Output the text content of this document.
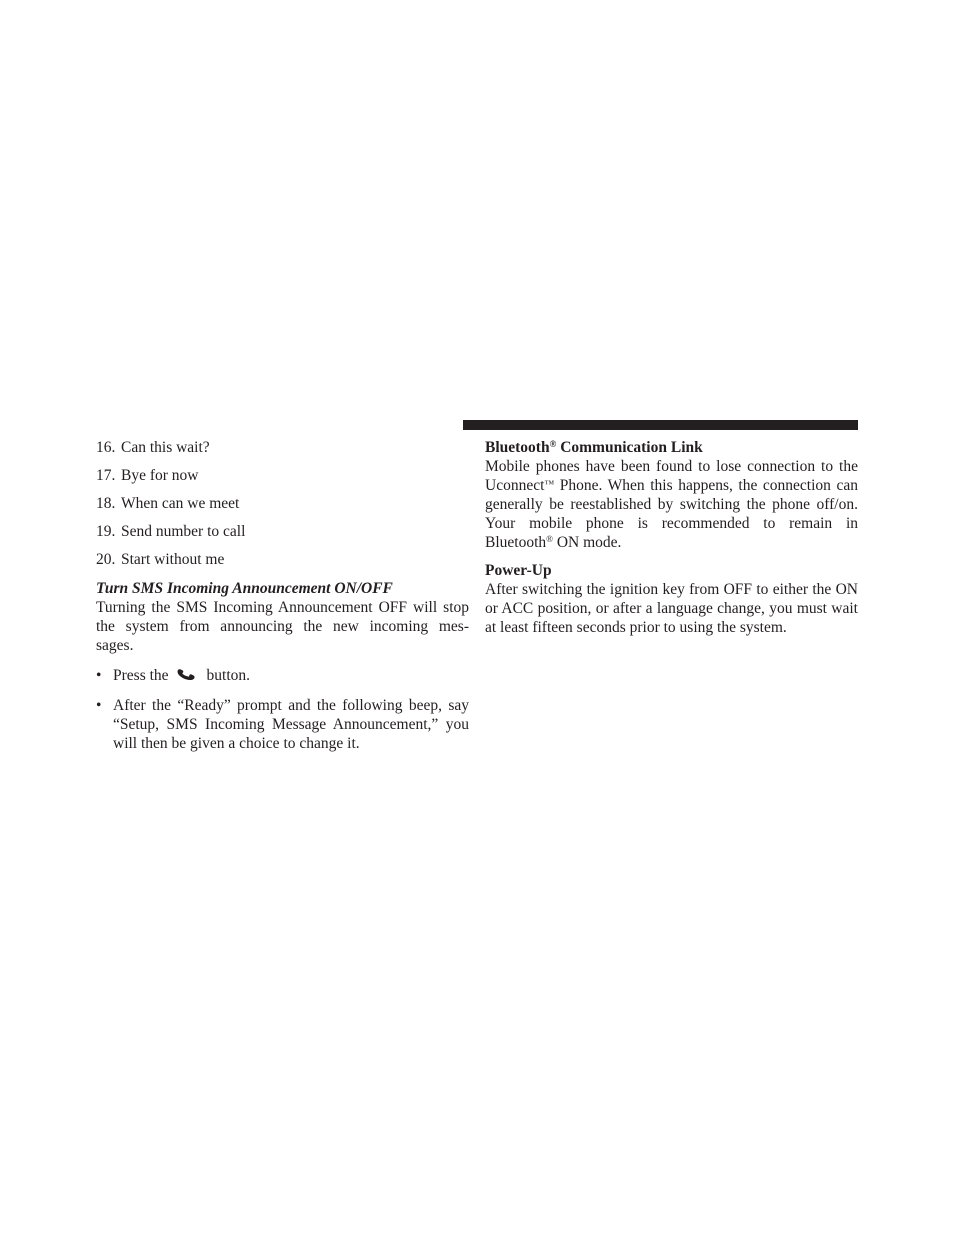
16. Can this wait?
17. Bye for now
18. When can we meet
19. Send number to call
20. Start without me
Turn SMS Incoming Announcement ON/OFF

Turning the SMS Incoming Announcement OFF will stop the system from announcing the new incoming mes-

sages.

• Press the button.
• After the “Ready” prompt and the following beep, say “Setup, SMS Incoming Message Announcement,” you will then be given a choice to change it.

Bluetooth® Communication Link

Mobile phones have been found to lose connection to the Uconnect™ Phone. When this happens, the connection can generally be reestablished by switching the phone off/on. Your mobile phone is recommended to remain in Bluetooth® ON mode.

Power-Up

After switching the ignition key from OFF to either the ON or ACC position, or after a language change, you must wait at least fifteen seconds prior to using the system.
